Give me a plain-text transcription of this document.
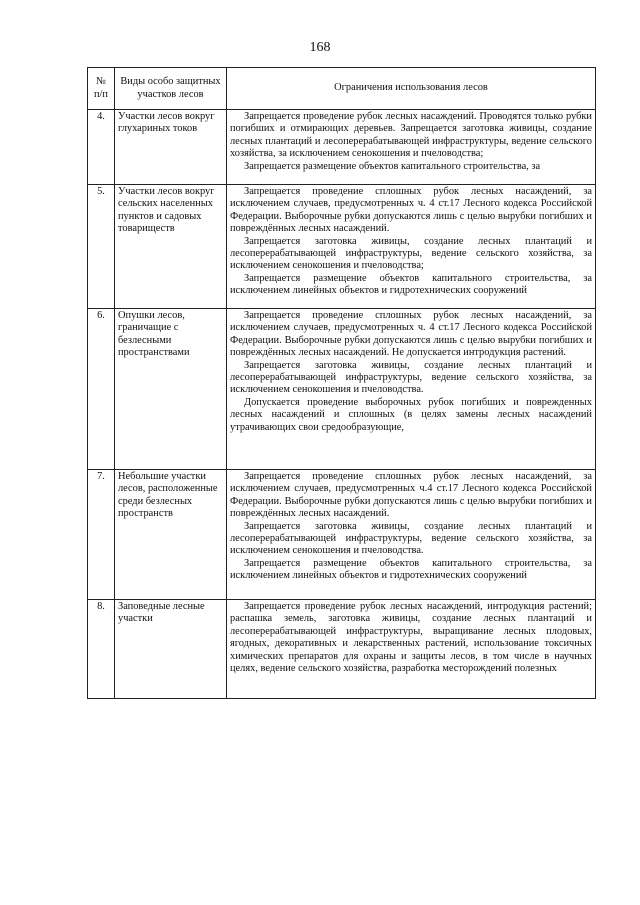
168
№ п/п	Виды особо защитных участков лесов	Ограничения использования лесов
4.	Участки лесов вокруг глухариных токов	Запрещается проведение рубок лесных насаждений. Проводятся только рубки погибших и отмирающих деревьев. Запрещается заготовка живицы, создание лесных плантаций и лесоперерабатывающей инфраструктуры, ведение сельского хозяйства, за исключением сенокошения и пчеловодства;

Запрещается размещение объектов капитального строительства, за

5.	Участки лесов вокруг сельских населенных пунктов и садовых товариществ	Запрещается проведение сплошных рубок лесных насаждений, за исключением случаев, предусмотренных ч. 4 ст.17 Лесного кодекса Российской Федерации. Выборочные рубки допускаются лишь с целью вырубки погибших и повреждённых лесных насаждений.

Запрещается заготовка живицы, создание лесных плантаций и лесоперерабатывающей инфраструктуры, ведение сельского хозяйства, за исключением сенокошения и пчеловодства;

Запрещается размещение объектов капитального строительства, за исключением линейных объектов и гидротехнических сооружений

6.	Опушки лесов, граничащие с безлесными пространствами	Запрещается проведение сплошных рубок лесных насаждений, за исключением случаев, предусмотренных ч. 4 ст.17 Лесного кодекса Российской Федерации. Выборочные рубки допускаются лишь с целью вырубки погибших и повреждённых лесных насаждений. Не допускается интродукция растений.

Запрещается заготовка живицы, создание лесных плантаций и лесоперерабатывающей инфраструктуры, ведение сельского хозяйства, за исключением сенокошения и пчеловодства.

Допускается проведение выборочных рубок погибших и поврежденных лесных насаждений и сплошных (в целях замены лесных насаждений утрачивающих свои средообразующие,

7.	Небольшие участки лесов, расположенные среди безлесных пространств	Запрещается проведение сплошных рубок лесных насаждений, за исключением случаев, предусмотренных ч.4 ст.17 Лесного кодекса Российской Федерации. Выборочные рубки допускаются лишь с целью вырубки погибших и повреждённых лесных насаждений.

Запрещается заготовка живицы, создание лесных плантаций и лесоперерабатывающей инфраструктуры, ведение сельского хозяйства, за исключением сенокошения и пчеловодства.

Запрещается размещение объектов капитального строительства, за исключением линейных объектов и гидротехнических сооружений

8.	Заповедные лесные участки	Запрещается проведение рубок лесных насаждений, интродукция растений; распашка земель, заготовка живицы, создание лесных плантаций и лесоперерабатывающей инфраструктуры, выращивание лесных плодовых, ягодных, декоративных и лекарственных растений, использование токсичных химических препаратов для охраны и защиты лесов, в том числе в научных целях, ведение сельского хозяйства, разработка месторождений полезных
